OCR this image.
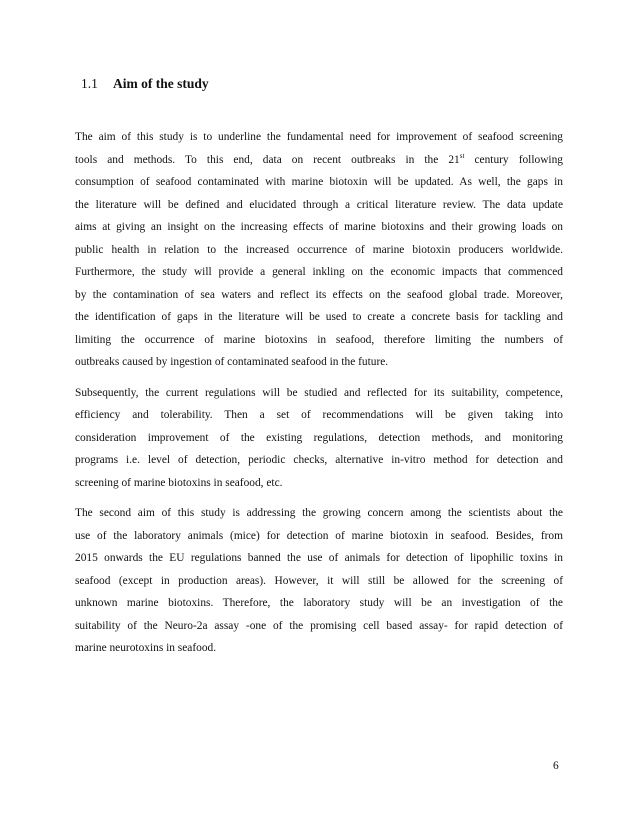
1.1 Aim of the study
The aim of this study is to underline the fundamental need for improvement of seafood screening
tools and methods. To this end, data on recent outbreaks in the 21st century following
consumption of seafood contaminated with marine biotoxin will be updated. As well, the gaps in
the literature will be defined and elucidated through a critical literature review. The data update
aims at giving an insight on the increasing effects of marine biotoxins and their growing loads on
public health in relation to the increased occurrence of marine biotoxin producers worldwide.
Furthermore, the study will provide a general inkling on the economic impacts that commenced
by the contamination of sea waters and reflect its effects on the seafood global trade. Moreover,
the identification of gaps in the literature will be used to create a concrete basis for tackling and
limiting the occurrence of marine biotoxins in seafood, therefore limiting the numbers of
outbreaks caused by ingestion of contaminated seafood in the future.
Subsequently, the current regulations will be studied and reflected for its suitability, competence,
efficiency and tolerability. Then a set of recommendations will be given taking into
consideration improvement of the existing regulations, detection methods, and monitoring
programs i.e. level of detection, periodic checks, alternative in-vitro method for detection and
screening of marine biotoxins in seafood, etc.
The second aim of this study is addressing the growing concern among the scientists about the
use of the laboratory animals (mice) for detection of marine biotoxin in seafood. Besides, from
2015 onwards the EU regulations banned the use of animals for detection of lipophilic toxins in
seafood (except in production areas). However, it will still be allowed for the screening of
unknown marine biotoxins. Therefore, the laboratory study will be an investigation of the
suitability of the Neuro-2a assay -one of the promising cell based assay- for rapid detection of
marine neurotoxins in seafood.
6
